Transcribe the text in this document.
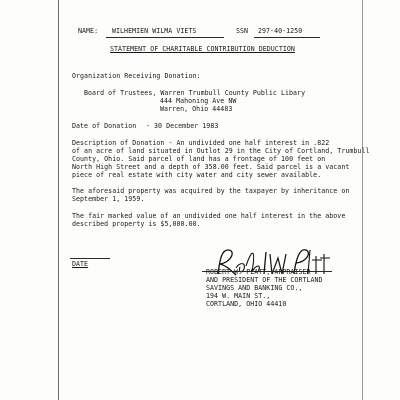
NAME: WILHEMIEN WILMA VIETS	SSN 297-40-1250
STATEMENT OF CHARITABLE CONTRIBUTION DEDUCTION
Organization Receiving Donation:
Board of Trustees, Warren Trumbull County Public Libary
444 Mahoning Ave NW
Warren, Ohio 44483
Date of Donation - 30 December 1983
Description of Donation - An undivided one half interest in .822
of an acre of land situated in Outlot 29 in the City of Cortland, Trumbull
County, Ohio. Said parcel of land has a frontage of 100 feet on
North High Street and a depth of 358.00 feet. Said parcel is a vacant
piece of real estate with city water and city sewer available.
The aforesaid property was acquired by the taxpayer by inheritance on
September 1, 1959.
The fair marked value of an undivided one half interest in the above
described property is $5,000.00.
DATE
ROBERT W. PLATT, APPRAISER
AND PRESIDENT OF THE CORTLAND
SAVINGS AND BANKING CO.,
194 W. MAIN ST.,
CORTLAND, OHIO 44410
